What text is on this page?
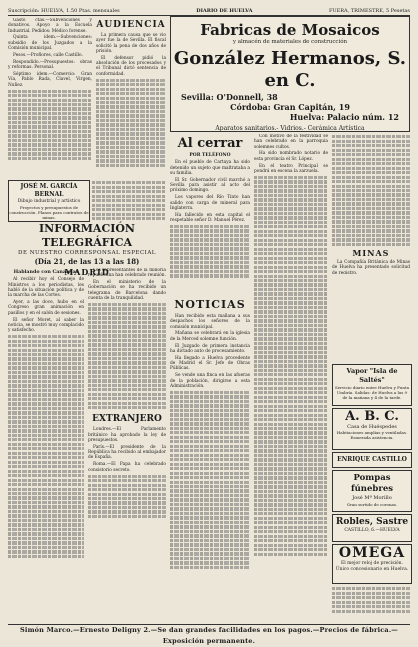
Suscripción: HUELVA, 1.50 Ptas. mensuales	DIARIO DE HUELVA	FUERA, TRIMESTRE, 5 Pesetas

Gasto ctas.—Subvenciones y donativos. Apoyo a la Escuela Industrial. Pedidos: Médico forense.

Quinta idem.—Subvenciones: subsidio de los Juzgados a la Comisión municipal.

Pesos.—Proflores, calle Castillo.

Respondido.—Presupuestos: obras y reformas. Personal.

Séptimo idem.—Comercio: Gran Vía, Pablo Rada, Clavel, Virgen, Nuñez.

AUDIENCIA

La primera causa que se vio ayer fue la de Sevilla. El fiscal solicitó la pena de dos años de prisión.

El defensor pidió la absolución de los procesados y el Tribunal dictó sentencia de conformidad.

Fabricas de Mosaicos
y almacén de materiales de construcción
González Hermanos, S. en C.
Sevilla: O'Donnell, 38
Córdoba: Gran Capitán, 19
Huelva: Palacio núm. 12
Aparatos sanitarios.- Vidrios.- Cerámica Artística
JOSÉ M. GARCÍA BERNAL
Dibujo industrial y artístico
Proyectos y presupuestos de construcción. Planos para contratos de minas.
INFORMACIÓN TELEGRÁFICA
DE NUESTRO CORRESPONSAL ESPECIAL
(Día 21, de las 13 a las 18)
MADRID
Hablando con Canalejas

Al recibir hoy el Consejo de Ministros a los periodistas, les habló de la situación política y de la marcha de las Cortes.

Ayer, a las doce, hubo en el Congreso gran animación en pasillos y en el salón de sesiones.

El señor Moret, al saber la noticia, se mostró muy complacido y satisfecho.

Los representantes de la minoría republicana han celebrado reunión.

En el ministerio de la Gobernación se ha recibido un telegrama de Barcelona dando cuenta de la tranquilidad.

EXTRANJERO

Londres.—El Parlamento británico ha aprobado la ley de presupuestos.

París.—El presidente de la República ha recibido al embajador de España.

Roma.—El Papa ha celebrado consistorio secreto.

Al cerrar
POR TELÉFONO

En el pueblo de Cartaya ha sido detenido un sujeto que maltrataba a su familia.

El Sr. Gobernador civil marchó a Sevilla para asistir al acto del próximo domingo.

Los vapores del Río Tinto han salido con carga de mineral para Inglaterra.

Ha fallecido en esta capital el respetable señor D. Manuel Pérez.

NOTICIAS

Han recibido esta mañana a sus despachos los señores de la comisión municipal.

Mañana se celebrará en la iglesia de la Merced solemne función.

El Juzgado de primera instancia ha dictado auto de procesamiento.

Ha llegado a Huelva procedente de Madrid el Sr. Jefe de Obras Públicas.

Se vende una finca en las afueras de la población, dirigirse a esta Administración.

Con motivo de la festividad se han celebrado en la parroquia solemnes cultos.

Ha sido nombrado notario de esta provincia el Sr. López.

En el teatro Principal se pondrá en escena la zarzuela.

MINAS

La Compañía Británica de Minas de Huelva ha presentado solicitud de registro.

Vapor "Isla de Saltés"
Servicio diario entre Huelva y Punta Umbría. Salidas: de Huelva a las 9 de la mañana y 4 de la tarde.
A. B. C.
Casa de Huéspedes
Habitaciones amplias y ventiladas. Esmerada asistencia.
ENRIQUE CASTILLO
Pompas fúnebres
José Mª Morillo
Gran surtido de coronas.
Robles, Sastre
CASTILLO, 6.—HUELVA
OMEGA
El mejor reloj de precisión. Único concesionario en Huelva.
Simón Marco.—Ernesto Deligny 2.—Se dan grandes facilidades en los pagos.—Precios de fábrica.—Exposición permanente.
